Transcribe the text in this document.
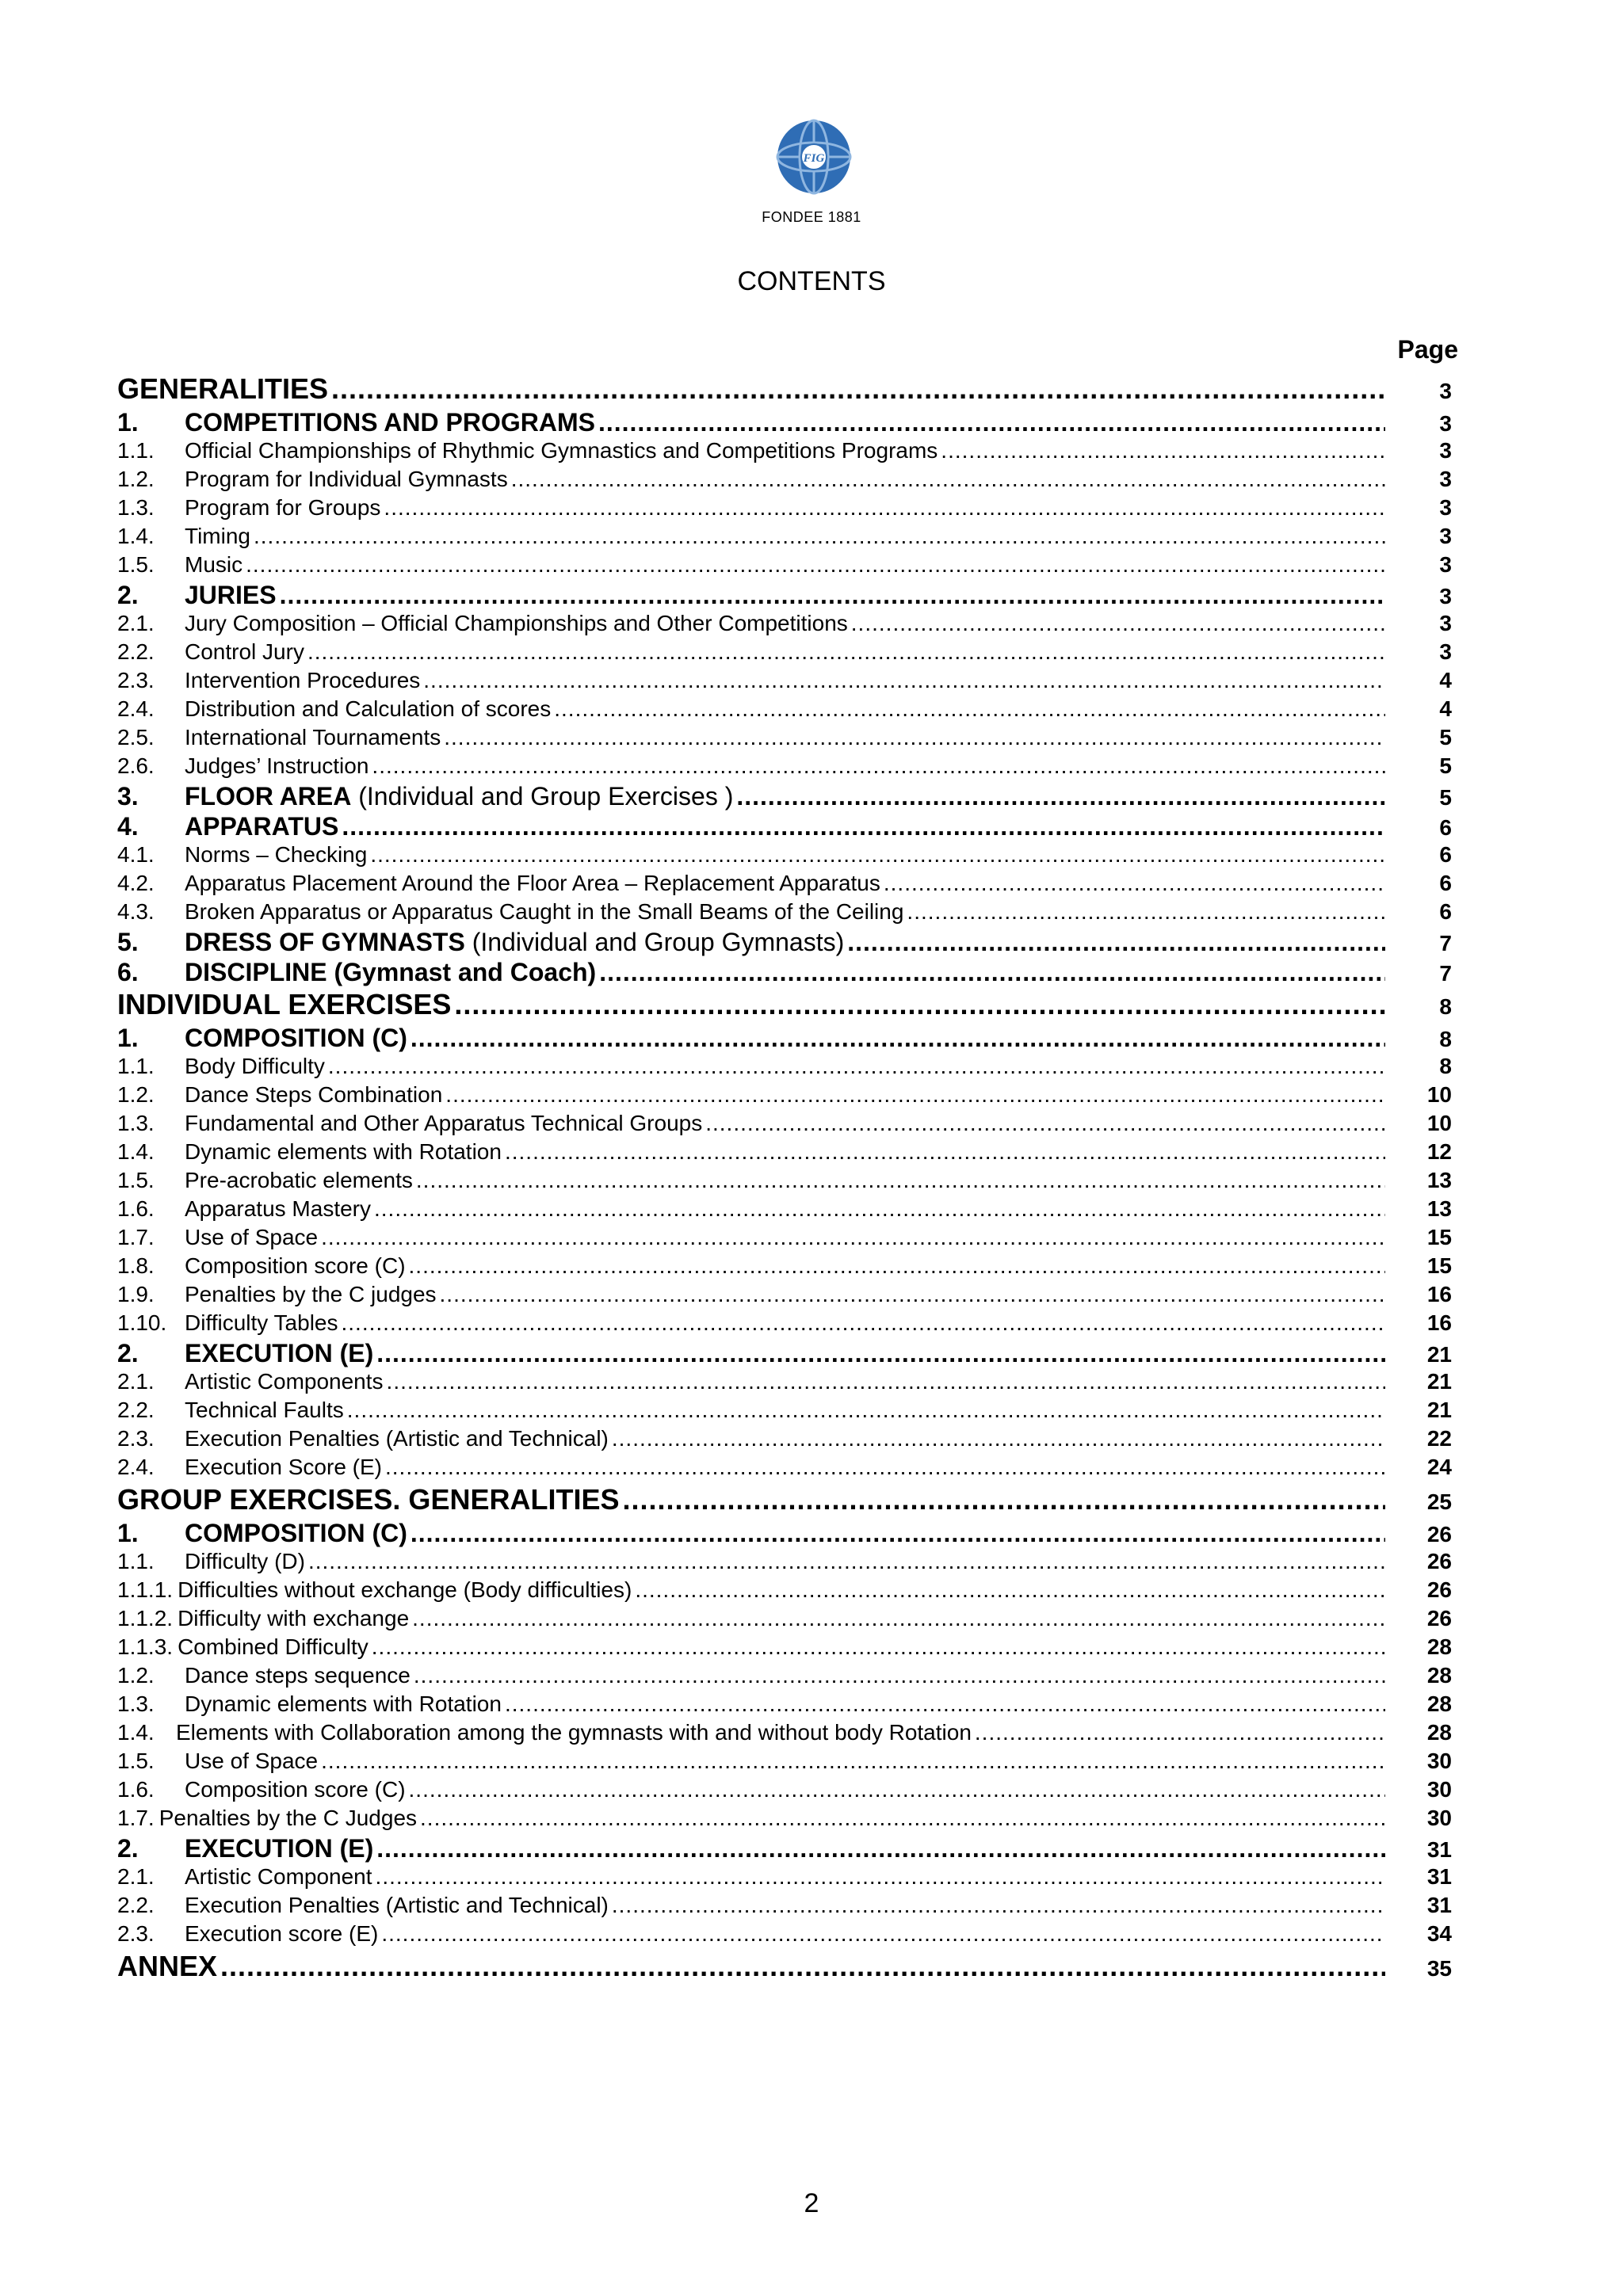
FIG
FONDEE 1881
CONTENTS
Page
GENERALITIES .....	3
1. COMPETITIONS AND PROGRAMS .....	3
1.1. Official Championships of Rhythmic Gymnastics and Competitions Programs .....	3
1.2. Program for Individual Gymnasts .....	3
1.3. Program for Groups .....	3
1.4. Timing .....	3
1.5. Music .....	3
2. JURIES .....	3
2.1. Jury Composition – Official Championships and Other Competitions .....	3
2.2. Control Jury .....	3
2.3. Intervention Procedures .....	4
2.4. Distribution and Calculation of scores .....	4
2.5. International Tournaments .....	5
2.6. Judges’ Instruction .....	5
3. FLOOR AREA (Individual and Group Exercises ) .....	5
4. APPARATUS .....	6
4.1. Norms – Checking .....	6
4.2. Apparatus Placement Around the Floor Area – Replacement Apparatus .....	6
4.3. Broken Apparatus or Apparatus Caught in the Small Beams of the Ceiling .....	6
5. DRESS OF GYMNASTS (Individual and Group Gymnasts) .....	7
6. DISCIPLINE (Gymnast and Coach) .....	7
INDIVIDUAL EXERCISES .....	8
1. COMPOSITION (C) .....	8
1.1. Body Difficulty .....	8
1.2. Dance Steps Combination .....	10
1.3. Fundamental and Other Apparatus Technical Groups .....	10
1.4. Dynamic elements with Rotation .....	12
1.5. Pre-acrobatic elements .....	13
1.6. Apparatus Mastery .....	13
1.7. Use of Space .....	15
1.8. Composition score (C) .....	15
1.9. Penalties by the C judges .....	16
1.10. Difficulty Tables .....	16
2. EXECUTION (E) .....	21
2.1. Artistic Components .....	21
2.2. Technical Faults .....	21
2.3. Execution Penalties (Artistic and Technical) .....	22
2.4. Execution Score (E) .....	24
GROUP EXERCISES. GENERALITIES .....	25
1. COMPOSITION (C) .....	26
1.1. Difficulty (D) .....	26
1.1.1. Difficulties without exchange (Body difficulties) .....	26
1.1.2. Difficulty with exchange .....	26
1.1.3. Combined Difficulty .....	28
1.2. Dance steps sequence .....	28
1.3. Dynamic elements with Rotation .....	28
1.4. Elements with Collaboration among the gymnasts with and without body Rotation .....	28
1.5. Use of Space .....	30
1.6. Composition score (C) .....	30
1.7. Penalties by the C Judges .....	30
2. EXECUTION (E) .....	31
2.1. Artistic Component .....	31
2.2. Execution Penalties (Artistic and Technical) .....	31
2.3. Execution score (E) .....	34
ANNEX .....	35
2
